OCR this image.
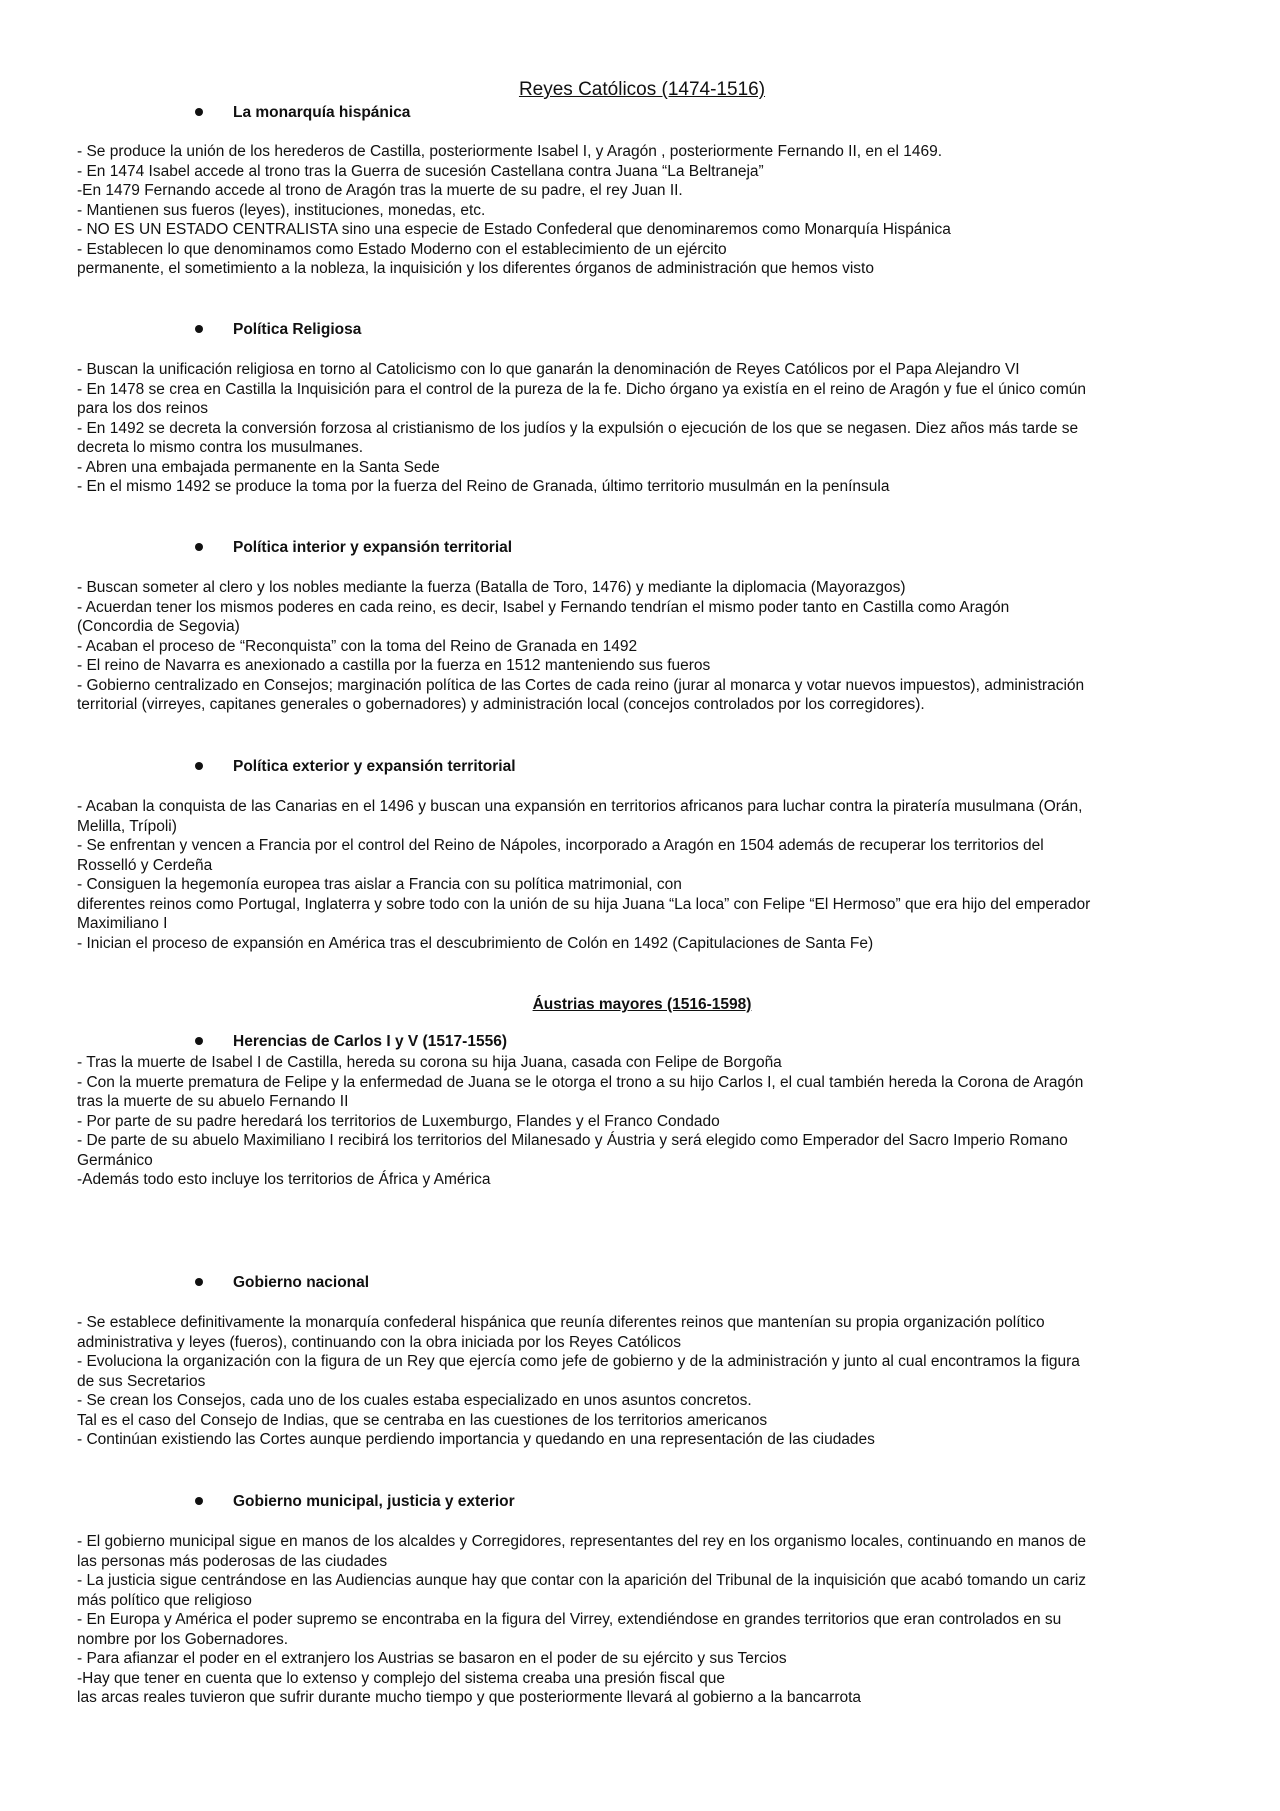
Reyes Católicos (1474-1516)
La monarquía hispánica
- Se produce la unión de los herederos de Castilla, posteriormente Isabel I, y Aragón , posteriormente Fernando II, en el 1469.
- En 1474 Isabel accede al trono tras la Guerra de sucesión Castellana contra Juana “La Beltraneja”
-En 1479 Fernando accede al trono de Aragón tras la muerte de su padre, el rey Juan II.
- Mantienen sus fueros (leyes), instituciones, monedas, etc.
- NO ES UN ESTADO CENTRALISTA sino una especie de Estado Confederal que denominaremos como Monarquía Hispánica
- Establecen lo que denominamos como Estado Moderno con el establecimiento de un ejército
permanente, el sometimiento a la nobleza, la inquisición y los diferentes órganos de administración que hemos visto
Política Religiosa
- Buscan la unificación religiosa en torno al Catolicismo con lo que ganarán la denominación de Reyes Católicos por el Papa Alejandro VI
- En 1478 se crea en Castilla la Inquisición para el control de la pureza de la fe. Dicho órgano ya existía en el reino de Aragón y fue el único común
para los dos reinos
- En 1492 se decreta la conversión forzosa al cristianismo de los judíos y la expulsión o ejecución de los que se negasen. Diez años más tarde se
decreta lo mismo contra los musulmanes.
- Abren una embajada permanente en la Santa Sede
- En el mismo 1492 se produce la toma por la fuerza del Reino de Granada, último territorio musulmán en la península
Política interior y expansión territorial
- Buscan someter al clero y los nobles mediante la fuerza (Batalla de Toro, 1476) y mediante la diplomacia (Mayorazgos)
- Acuerdan tener los mismos poderes en cada reino, es decir, Isabel y Fernando tendrían el mismo poder tanto en Castilla como Aragón
(Concordia de Segovia)
- Acaban el proceso de “Reconquista” con la toma del Reino de Granada en 1492
- El reino de Navarra es anexionado a castilla por la fuerza en 1512 manteniendo sus fueros
- Gobierno centralizado en Consejos; marginación política de las Cortes de cada reino (jurar al monarca y votar nuevos impuestos), administración
territorial (virreyes, capitanes generales o gobernadores) y administración local (concejos controlados por los corregidores).
Política exterior y expansión territorial
- Acaban la conquista de las Canarias en el 1496 y buscan una expansión en territorios africanos para luchar contra la piratería musulmana (Orán,
Melilla, Trípoli)
- Se enfrentan y vencen a Francia por el control del Reino de Nápoles, incorporado a Aragón en 1504 además de recuperar los territorios del
Rosselló y Cerdeña
- Consiguen la hegemonía europea tras aislar a Francia con su política matrimonial, con
diferentes reinos como Portugal, Inglaterra y sobre todo con la unión de su hija Juana “La loca” con Felipe “El Hermoso” que era hijo del emperador
Maximiliano I
- Inician el proceso de expansión en América tras el descubrimiento de Colón en 1492 (Capitulaciones de Santa Fe)
Áustrias mayores (1516-1598)
Herencias de Carlos I y V (1517-1556)
- Tras la muerte de Isabel I de Castilla, hereda su corona su hija Juana, casada con Felipe de Borgoña
- Con la muerte prematura de Felipe y la enfermedad de Juana se le otorga el trono a su hijo Carlos I, el cual también hereda la Corona de Aragón
tras la muerte de su abuelo Fernando II
- Por parte de su padre heredará los territorios de Luxemburgo, Flandes y el Franco Condado
- De parte de su abuelo Maximiliano I recibirá los territorios del Milanesado y Áustria y será elegido como Emperador del Sacro Imperio Romano
Germánico
-Además todo esto incluye los territorios de África y América
Gobierno nacional
- Se establece definitivamente la monarquía confederal hispánica que reunía diferentes reinos que mantenían su propia organización político
administrativa y leyes (fueros), continuando con la obra iniciada por los Reyes Católicos
- Evoluciona la organización con la figura de un Rey que ejercía como jefe de gobierno y de la administración y junto al cual encontramos la figura
de sus Secretarios
- Se crean los Consejos, cada uno de los cuales estaba especializado en unos asuntos concretos.
Tal es el caso del Consejo de Indias, que se centraba en las cuestiones de los territorios americanos
- Continúan existiendo las Cortes aunque perdiendo importancia y quedando en una representación de las ciudades
Gobierno municipal, justicia y exterior
- El gobierno municipal sigue en manos de los alcaldes y Corregidores, representantes del rey en los organismo locales, continuando en manos de
las personas más poderosas de las ciudades
- La justicia sigue centrándose en las Audiencias aunque hay que contar con la aparición del Tribunal de la inquisición que acabó tomando un cariz
más político que religioso
- En Europa y América el poder supremo se encontraba en la figura del Virrey, extendiéndose en grandes territorios que eran controlados en su
nombre por los Gobernadores.
- Para afianzar el poder en el extranjero los Austrias se basaron en el poder de su ejército y sus Tercios
-Hay que tener en cuenta que lo extenso y complejo del sistema creaba una presión fiscal que
las arcas reales tuvieron que sufrir durante mucho tiempo y que posteriormente llevará al gobierno a la bancarrota
